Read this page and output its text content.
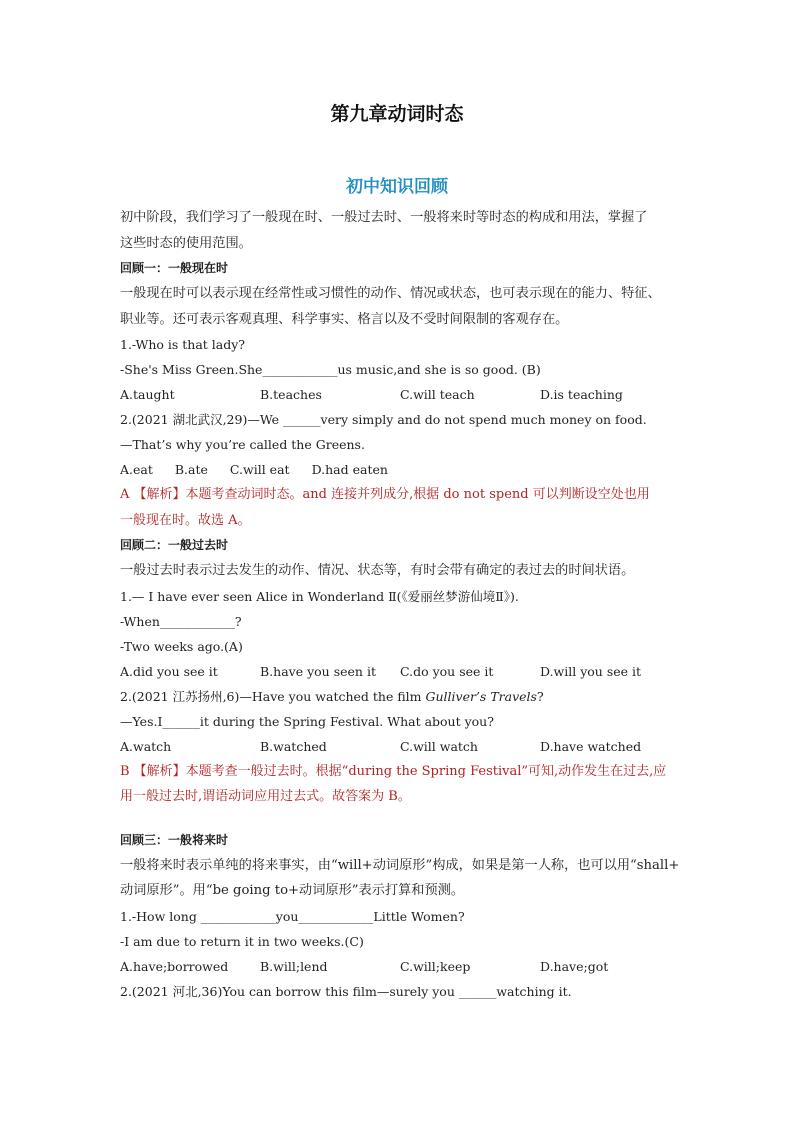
第九章动词时态
初中知识回顾
初中阶段，我们学习了一般现在时、一般过去时、一般将来时等时态的构成和用法，掌握了
这些时态的使用范围。
回顾一：一般现在时
一般现在时可以表示现在经常性或习惯性的动作、情况或状态，也可表示现在的能力、特征、
职业等。还可表示客观真理、科学事实、格言以及不受时间限制的客观存在。
1.-Who is that lady?
-She's Miss Green.She____________us music,and she is so good. (B)
A.taught	B.teaches	C.will teach	D.is teaching
2.(2021 湖北武汉,29)—We ______very simply and do not spend much money on food.
—That’s why you’re called the Greens.
A.eat B.ate C.will eat D.had eaten
A 【解析】本题考查动词时态。and 连接并列成分,根据 do not spend 可以判断设空处也用
一般现在时。故选 A。
回顾二：一般过去时
一般过去时表示过去发生的动作、情况、状态等，有时会带有确定的表过去的时间状语。
1.— I have ever seen Alice in Wonderland Ⅱ(《爱丽丝梦游仙境Ⅱ》).
-When____________?
-Two weeks ago.(A)
A.did you see it	B.have you seen it	C.do you see it	D.will you see it
2.(2021 江苏扬州,6)—Have you watched the film Gulliver’s Travels?
—Yes.I______it during the Spring Festival. What about you?
A.watch	B.watched	C.will watch	D.have watched
B 【解析】本题考查一般过去时。根据“during the Spring Festival”可知,动作发生在过去,应
用一般过去时,谓语动词应用过去式。故答案为 B。
回顾三：一般将来时
一般将来时表示单纯的将来事实，由“will+动词原形”构成，如果是第一人称，也可以用“shall+
动词原形”。用“be going to+动词原形”表示打算和预测。
1.-How long ____________you____________Little Women?
-I am due to return it in two weeks.(C)
A.have;borrowed	B.will;lend	C.will;keep	D.have;got
2.(2021 河北,36)You can borrow this film—surely you ______watching it.
